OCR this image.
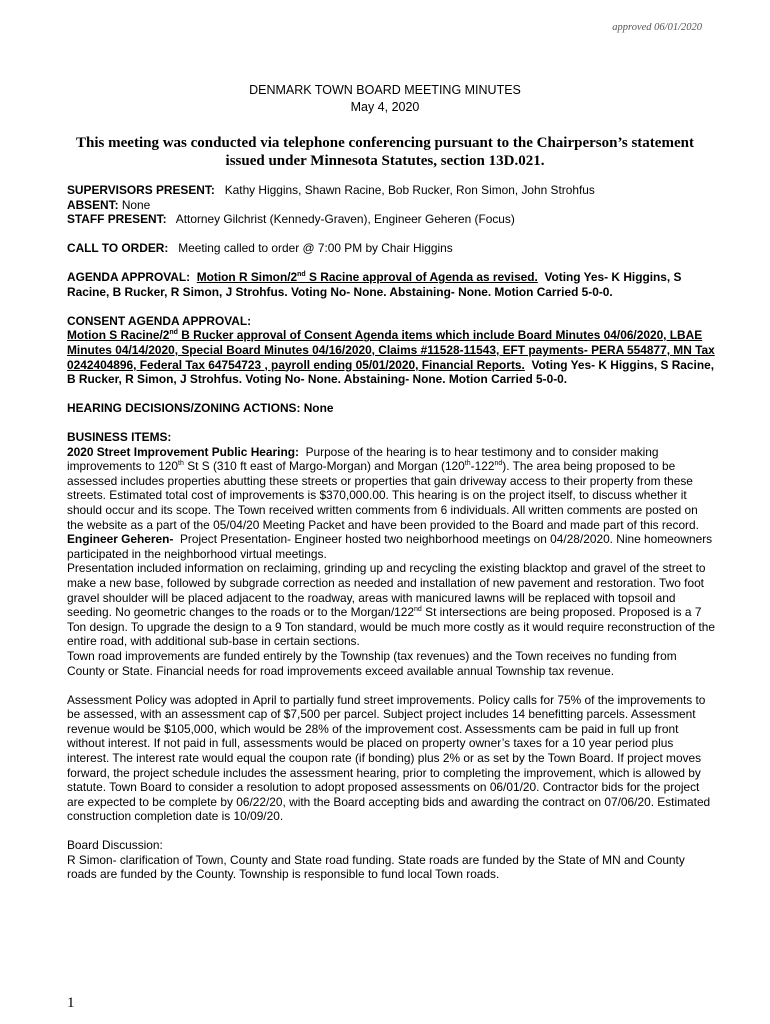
approved 06/01/2020
DENMARK TOWN BOARD MEETING MINUTES
May 4, 2020
This meeting was conducted via telephone conferencing pursuant to the Chairperson’s statement issued under Minnesota Statutes, section 13D.021.

SUPERVISORS PRESENT: Kathy Higgins, Shawn Racine, Bob Rucker, Ron Simon, John Strohfus

ABSENT: None

STAFF PRESENT: Attorney Gilchrist (Kennedy-Graven), Engineer Geheren (Focus)

CALL TO ORDER: Meeting called to order @ 7:00 PM by Chair Higgins

AGENDA APPROVAL:  Motion R Simon/2nd S Racine approval of Agenda as revised. Voting Yes- K Higgins, S Racine, B Rucker, R Simon, J Strohfus. Voting No- None. Abstaining- None. Motion Carried 5-0-0.

CONSENT AGENDA APPROVAL:

Motion S Racine/2nd B Rucker approval of Consent Agenda items which include Board Minutes 04/06/2020, LBAE Minutes 04/14/2020, Special Board Minutes 04/16/2020, Claims #11528-11543, EFT payments- PERA 554877, MN Tax 0242404896, Federal Tax 64754723 , payroll ending 05/01/2020, Financial Reports. Voting Yes- K Higgins, S Racine, B Rucker, R Simon, J Strohfus. Voting No- None. Abstaining- None. Motion Carried 5-0-0.

HEARING DECISIONS/ZONING ACTIONS: None

BUSINESS ITEMS:

2020 Street Improvement Public Hearing: Purpose of the hearing is to hear testimony and to consider making improvements to 120th St S (310 ft east of Margo-Morgan) and Morgan (120th-122nd). The area being proposed to be assessed includes properties abutting these streets or properties that gain driveway access to their property from these streets. Estimated total cost of improvements is $370,000.00. This hearing is on the project itself, to discuss whether it should occur and its scope. The Town received written comments from 6 individuals. All written comments are posted on the website as a part of the 05/04/20 Meeting Packet and have been provided to the Board and made part of this record.

Engineer Geheren- Project Presentation- Engineer hosted two neighborhood meetings on 04/28/2020. Nine homeowners participated in the neighborhood virtual meetings.

Presentation included information on reclaiming, grinding up and recycling the existing blacktop and gravel of the street to make a new base, followed by subgrade correction as needed and installation of new pavement and restoration. Two foot gravel shoulder will be placed adjacent to the roadway, areas with manicured lawns will be replaced with topsoil and seeding. No geometric changes to the roads or to the Morgan/122nd St intersections are being proposed. Proposed is a 7 Ton design. To upgrade the design to a 9 Ton standard, would be much more costly as it would require reconstruction of the entire road, with additional sub-base in certain sections.

Town road improvements are funded entirely by the Township (tax revenues) and the Town receives no funding from County or State. Financial needs for road improvements exceed available annual Township tax revenue.

Assessment Policy was adopted in April to partially fund street improvements. Policy calls for 75% of the improvements to be assessed, with an assessment cap of $7,500 per parcel. Subject project includes 14 benefitting parcels. Assessment revenue would be $105,000, which would be 28% of the improvement cost. Assessments cam be paid in full up front without interest. If not paid in full, assessments would be placed on property owner’s taxes for a 10 year period plus interest. The interest rate would equal the coupon rate (if bonding) plus 2% or as set by the Town Board. If project moves forward, the project schedule includes the assessment hearing, prior to completing the improvement, which is allowed by statute. Town Board to consider a resolution to adopt proposed assessments on 06/01/20. Contractor bids for the project are expected to be complete by 06/22/20, with the Board accepting bids and awarding the contract on 07/06/20. Estimated construction completion date is 10/09/20.

Board Discussion:

R Simon- clarification of Town, County and State road funding. State roads are funded by the State of MN and County roads are funded by the County. Township is responsible to fund local Town roads.

1
